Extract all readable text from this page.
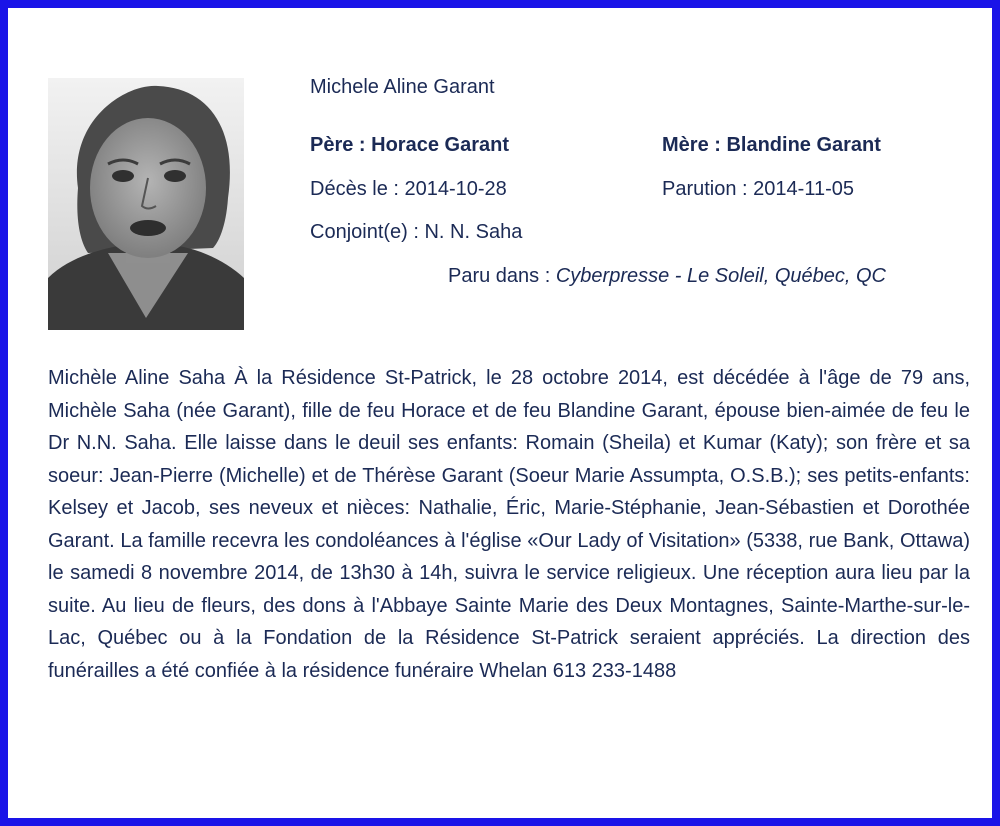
Michele Aline Garant
Père : Horace Garant	Mère : Blandine Garant
Décès le : 2014-10-28	Parution : 2014-11-05
Conjoint(e) : N. N. Saha
Paru dans : Cyberpresse - Le Soleil, Québec, QC
Michèle Aline Saha À la Résidence St-Patrick, le 28 octobre 2014, est décédée à l'âge de 79 ans, Michèle Saha (née Garant), fille de feu Horace et de feu Blandine Garant, épouse bien-aimée de feu le Dr N.N. Saha. Elle laisse dans le deuil ses enfants: Romain (Sheila) et Kumar (Katy); son frère et sa soeur: Jean-Pierre (Michelle) et de Thérèse Garant (Soeur Marie Assumpta, O.S.B.); ses petits-enfants: Kelsey et Jacob, ses neveux et nièces: Nathalie, Éric, Marie-Stéphanie, Jean-Sébastien et Dorothée Garant. La famille recevra les condoléances à l'église «Our Lady of Visitation» (5338, rue Bank, Ottawa) le samedi 8 novembre 2014, de 13h30 à 14h, suivra le service religieux. Une réception aura lieu par la suite. Au lieu de fleurs, des dons à l'Abbaye Sainte Marie des Deux Montagnes, Sainte-Marthe-sur-le-Lac, Québec ou à la Fondation de la Résidence St-Patrick seraient appréciés. La direction des funérailles a été confiée à la résidence funéraire Whelan 613 233-1488
